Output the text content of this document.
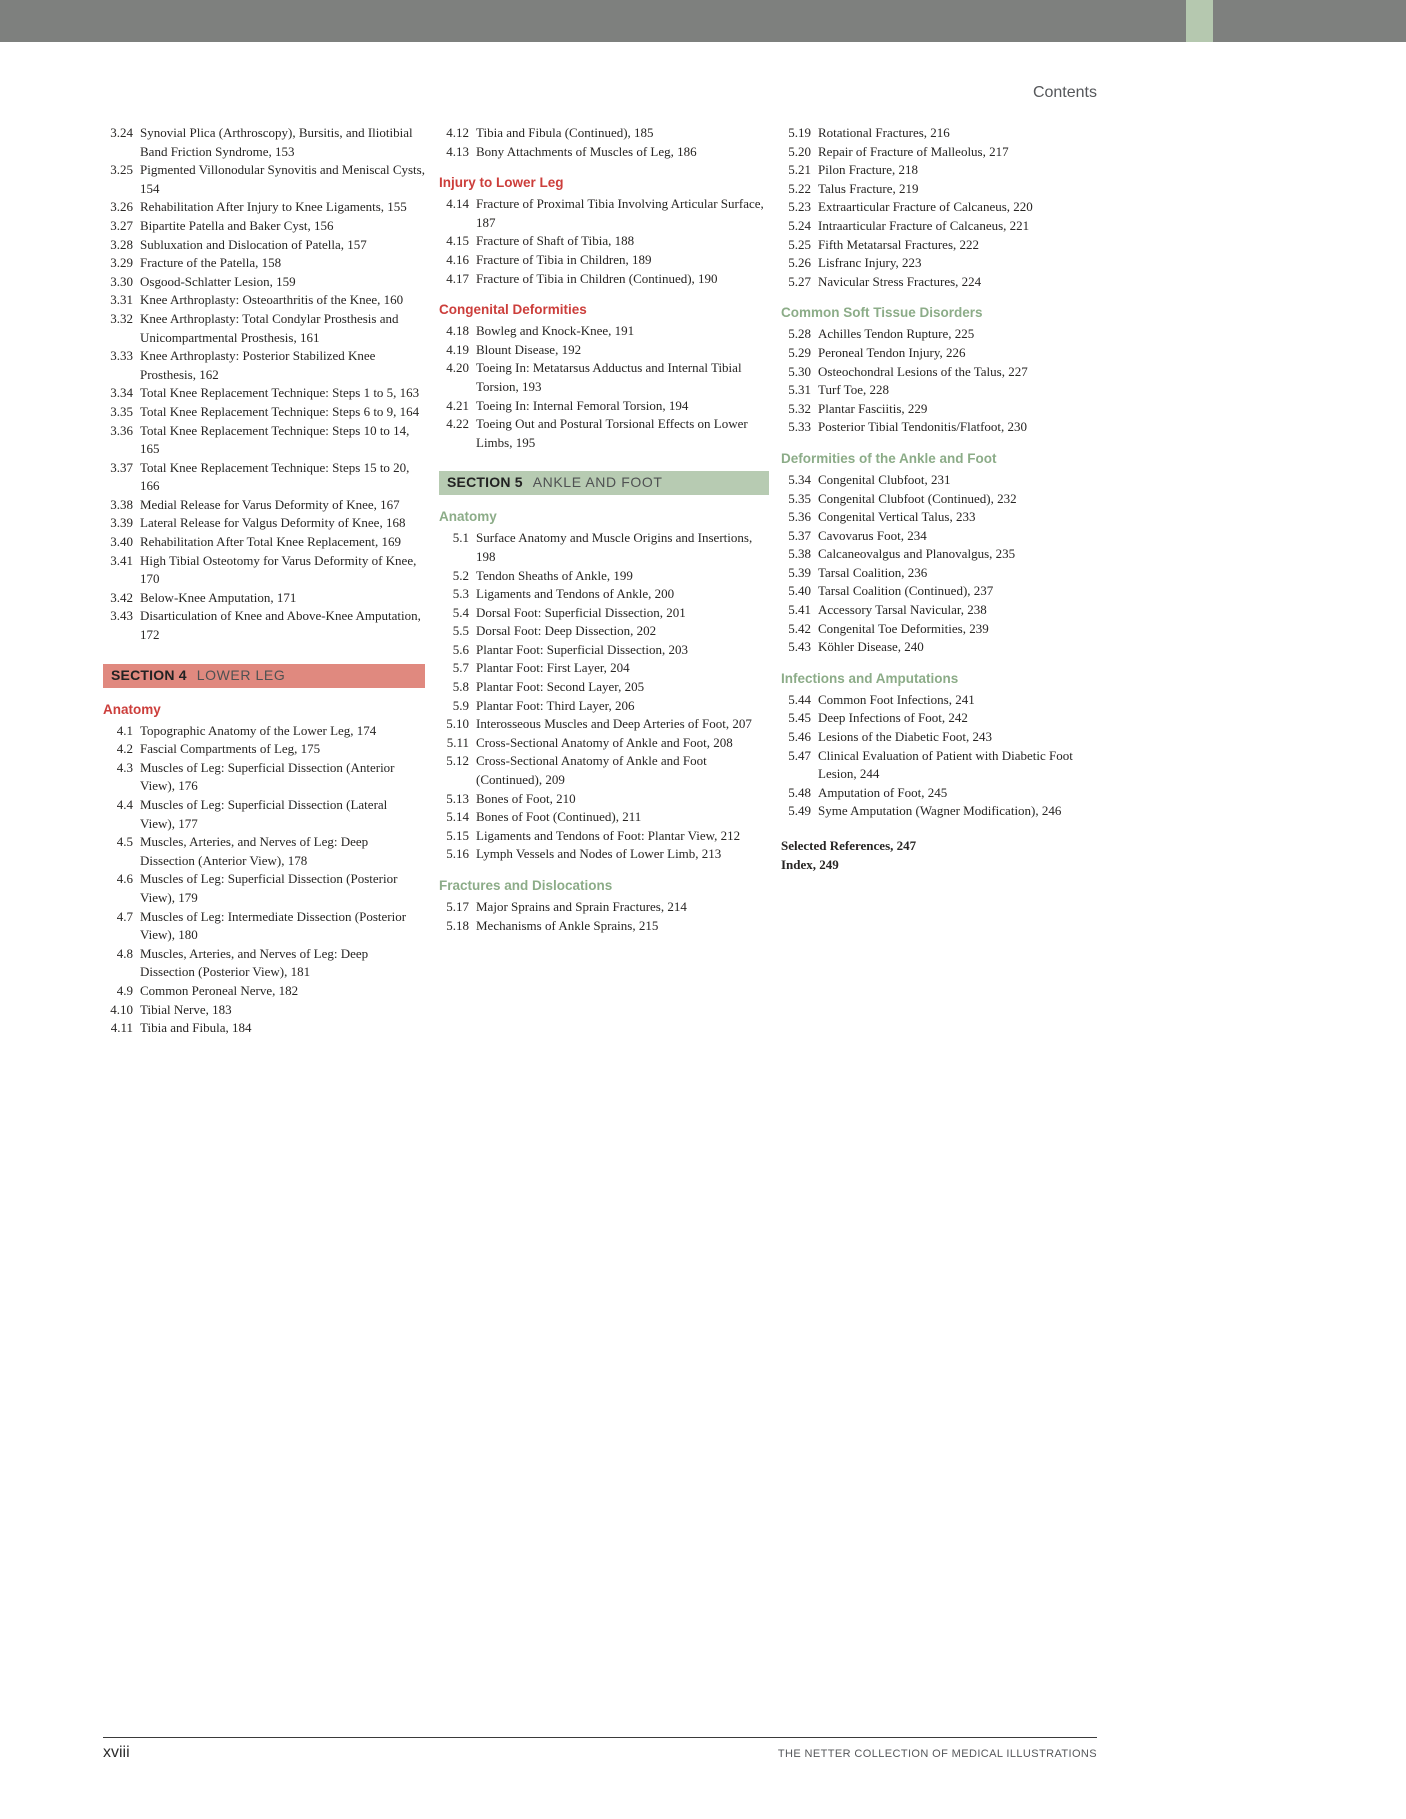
Contents
3.24 Synovial Plica (Arthroscopy), Bursitis, and Iliotibial Band Friction Syndrome, 153
3.25 Pigmented Villonodular Synovitis and Meniscal Cysts, 154
3.26 Rehabilitation After Injury to Knee Ligaments, 155
3.27 Bipartite Patella and Baker Cyst, 156
3.28 Subluxation and Dislocation of Patella, 157
3.29 Fracture of the Patella, 158
3.30 Osgood-Schlatter Lesion, 159
3.31 Knee Arthroplasty: Osteoarthritis of the Knee, 160
3.32 Knee Arthroplasty: Total Condylar Prosthesis and Unicompartmental Prosthesis, 161
3.33 Knee Arthroplasty: Posterior Stabilized Knee Prosthesis, 162
3.34 Total Knee Replacement Technique: Steps 1 to 5, 163
3.35 Total Knee Replacement Technique: Steps 6 to 9, 164
3.36 Total Knee Replacement Technique: Steps 10 to 14, 165
3.37 Total Knee Replacement Technique: Steps 15 to 20, 166
3.38 Medial Release for Varus Deformity of Knee, 167
3.39 Lateral Release for Valgus Deformity of Knee, 168
3.40 Rehabilitation After Total Knee Replacement, 169
3.41 High Tibial Osteotomy for Varus Deformity of Knee, 170
3.42 Below-Knee Amputation, 171
3.43 Disarticulation of Knee and Above-Knee Amputation, 172
SECTION 4 LOWER LEG
Anatomy
4.1 Topographic Anatomy of the Lower Leg, 174
4.2 Fascial Compartments of Leg, 175
4.3 Muscles of Leg: Superficial Dissection (Anterior View), 176
4.4 Muscles of Leg: Superficial Dissection (Lateral View), 177
4.5 Muscles, Arteries, and Nerves of Leg: Deep Dissection (Anterior View), 178
4.6 Muscles of Leg: Superficial Dissection (Posterior View), 179
4.7 Muscles of Leg: Intermediate Dissection (Posterior View), 180
4.8 Muscles, Arteries, and Nerves of Leg: Deep Dissection (Posterior View), 181
4.9 Common Peroneal Nerve, 182
4.10 Tibial Nerve, 183
4.11 Tibia and Fibula, 184
4.12 Tibia and Fibula (Continued), 185
4.13 Bony Attachments of Muscles of Leg, 186
Injury to Lower Leg
4.14 Fracture of Proximal Tibia Involving Articular Surface, 187
4.15 Fracture of Shaft of Tibia, 188
4.16 Fracture of Tibia in Children, 189
4.17 Fracture of Tibia in Children (Continued), 190
Congenital Deformities
4.18 Bowleg and Knock-Knee, 191
4.19 Blount Disease, 192
4.20 Toeing In: Metatarsus Adductus and Internal Tibial Torsion, 193
4.21 Toeing In: Internal Femoral Torsion, 194
4.22 Toeing Out and Postural Torsional Effects on Lower Limbs, 195
SECTION 5 ANKLE AND FOOT
Anatomy
5.1 Surface Anatomy and Muscle Origins and Insertions, 198
5.2 Tendon Sheaths of Ankle, 199
5.3 Ligaments and Tendons of Ankle, 200
5.4 Dorsal Foot: Superficial Dissection, 201
5.5 Dorsal Foot: Deep Dissection, 202
5.6 Plantar Foot: Superficial Dissection, 203
5.7 Plantar Foot: First Layer, 204
5.8 Plantar Foot: Second Layer, 205
5.9 Plantar Foot: Third Layer, 206
5.10 Interosseous Muscles and Deep Arteries of Foot, 207
5.11 Cross-Sectional Anatomy of Ankle and Foot, 208
5.12 Cross-Sectional Anatomy of Ankle and Foot (Continued), 209
5.13 Bones of Foot, 210
5.14 Bones of Foot (Continued), 211
5.15 Ligaments and Tendons of Foot: Plantar View, 212
5.16 Lymph Vessels and Nodes of Lower Limb, 213
Fractures and Dislocations
5.17 Major Sprains and Sprain Fractures, 214
5.18 Mechanisms of Ankle Sprains, 215
5.19 Rotational Fractures, 216
5.20 Repair of Fracture of Malleolus, 217
5.21 Pilon Fracture, 218
5.22 Talus Fracture, 219
5.23 Extraarticular Fracture of Calcaneus, 220
5.24 Intraarticular Fracture of Calcaneus, 221
5.25 Fifth Metatarsal Fractures, 222
5.26 Lisfranc Injury, 223
5.27 Navicular Stress Fractures, 224
Common Soft Tissue Disorders
5.28 Achilles Tendon Rupture, 225
5.29 Peroneal Tendon Injury, 226
5.30 Osteochondral Lesions of the Talus, 227
5.31 Turf Toe, 228
5.32 Plantar Fasciitis, 229
5.33 Posterior Tibial Tendonitis/Flatfoot, 230
Deformities of the Ankle and Foot
5.34 Congenital Clubfoot, 231
5.35 Congenital Clubfoot (Continued), 232
5.36 Congenital Vertical Talus, 233
5.37 Cavovarus Foot, 234
5.38 Calcaneovalgus and Planovalgus, 235
5.39 Tarsal Coalition, 236
5.40 Tarsal Coalition (Continued), 237
5.41 Accessory Tarsal Navicular, 238
5.42 Congenital Toe Deformities, 239
5.43 Köhler Disease, 240
Infections and Amputations
5.44 Common Foot Infections, 241
5.45 Deep Infections of Foot, 242
5.46 Lesions of the Diabetic Foot, 243
5.47 Clinical Evaluation of Patient with Diabetic Foot Lesion, 244
5.48 Amputation of Foot, 245
5.49 Syme Amputation (Wagner Modification), 246
Selected References, 247
Index, 249
xviii	THE NETTER COLLECTION OF MEDICAL ILLUSTRATIONS
